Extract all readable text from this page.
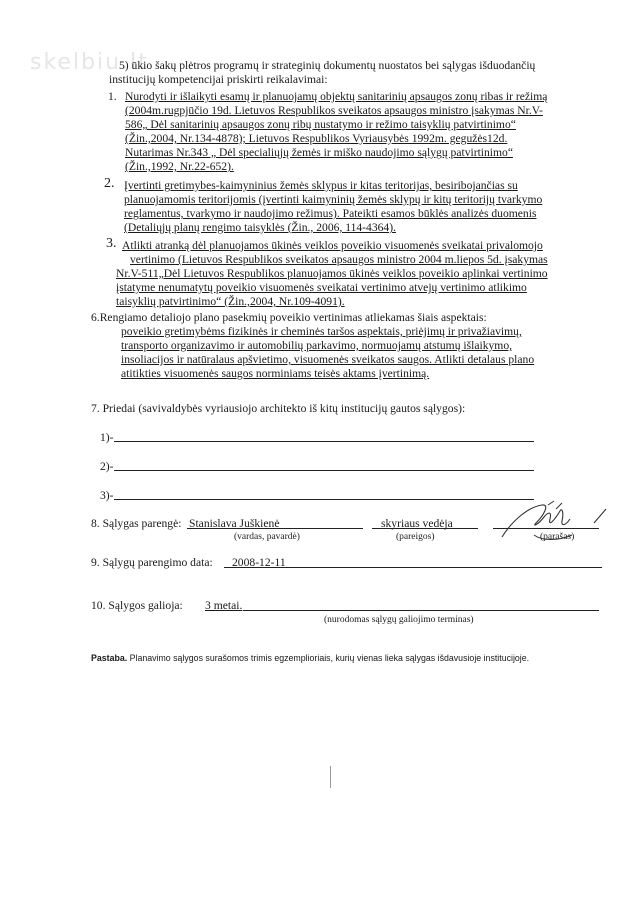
skelbiu.lt
5) ūkio šakų plėtros programų ir strateginių dokumentų nuostatos bei sąlygas išduodančių
institucijų kompetencijai priskirti reikalavimai:
1. Nurodyti ir išlaikyti esamų ir planuojamų objektų sanitarinių apsaugos zonų ribas ir režimą
(2004m.rugpjūčio 19d. Lietuvos Respublikos sveikatos apsaugos ministro įsakymas Nr.V-
586„ Dėl sanitarinių apsaugos zonų ribų nustatymo ir režimo taisyklių patvirtinimo“
(Žin.,2004, Nr.134-4878); Lietuvos Respublikos Vyriausybės 1992m. gegužės12d.
Nutarimas Nr.343 „ Dėl specialiųjų žemės ir miško naudojimo sąlygų patvirtinimo“
(Žin.,1992, Nr.22-652).
2. Įvertinti gretimybes-kaimyninius žemės sklypus ir kitas teritorijas, besiribojančias su
planuojamomis teritorijomis (įvertinti kaimyninių žemės sklypų ir kitų teritorijų tvarkymo
reglamentus, tvarkymo ir naudojimo režimus). Pateikti esamos būklės analizės duomenis
(Detaliųjų planų rengimo taisyklės (Žin., 2006, 114-4364).
3. Atlikti atranką dėl planuojamos ūkinės veiklos poveikio visuomenės sveikatai privalomojo
vertinimo (Lietuvos Respublikos sveikatos apsaugos ministro 2004 m.liepos 5d. įsakymas
Nr.V-511„Dėl Lietuvos Respublikos planuojamos ūkinės veiklos poveikio aplinkai vertinimo
įstatyme nenumatytų poveikio visuomenės sveikatai vertinimo atvejų vertinimo atlikimo
taisyklių patvirtinimo“ (Žin.,2004, Nr.109-4091).
6.Rengiamo detaliojo plano pasekmių poveikio vertinimas atliekamas šiais aspektais:
poveikio gretimybėms fizikinės ir cheminės taršos aspektais, priėjimų ir privažiavimų,
transporto organizavimo ir automobilių parkavimo, normuojamų atstumų išlaikymo,
insoliacijos ir natūralaus apšvietimo, visuomenės sveikatos saugos. Atlikti detalaus plano
atitikties visuomenės saugos norminiams teisės aktams įvertinimą.
7. Priedai (savivaldybės vyriausiojo architekto iš kitų institucijų gautos sąlygos):
1)-
2)-
3)-
8. Sąlygas parengė: Stanislava Juškienė	skyriaus vedėja
(vardas, pavardė)	(pareigos)	(parašas)
9. Sąlygų parengimo data: 2008-12-11
10. Sąlygos galioja: 3 metai.
(nurodomas sąlygų galiojimo terminas)
Pastaba. Planavimo sąlygos surašomos trimis egzemplioriais, kurių vienas lieka sąlygas išdavusioje institucijoje.
